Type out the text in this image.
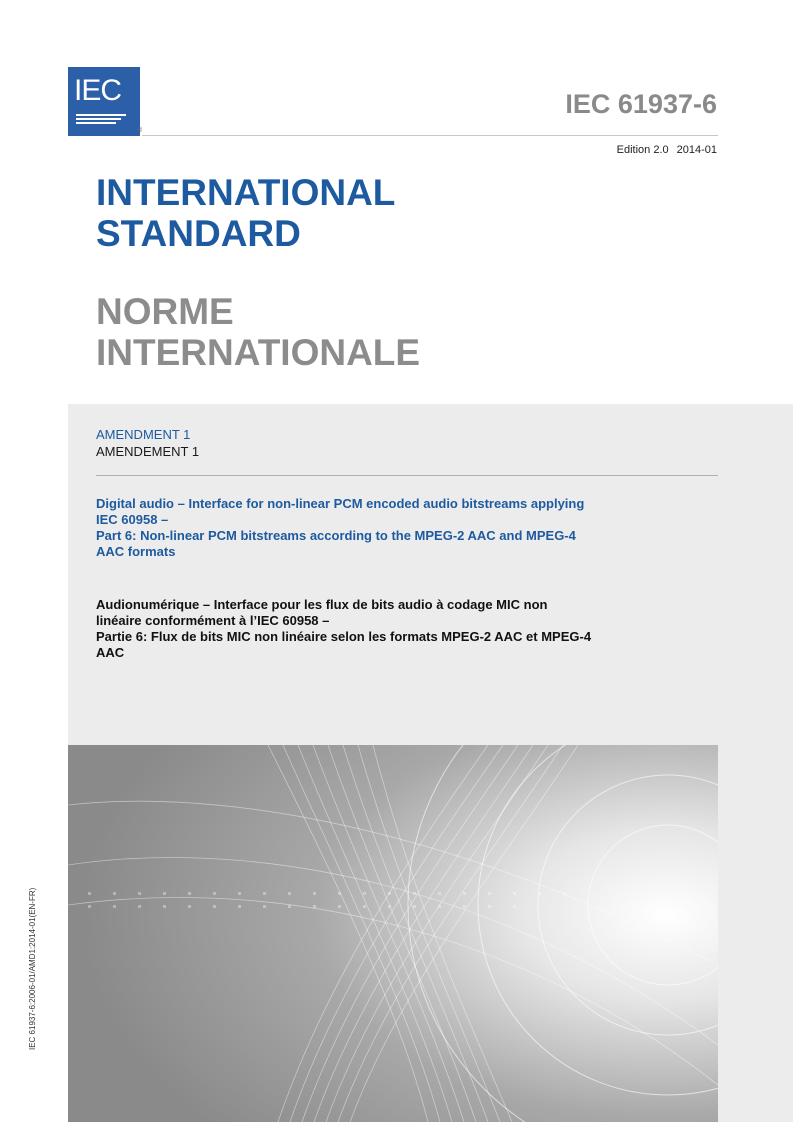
IEC
®
IEC 61937-6
Edition 2.0 2014-01
INTERNATIONAL
STANDARD
NORME
INTERNATIONALE
AMENDMENT 1
AMENDEMENT 1
Digital audio – Interface for non-linear PCM encoded audio bitstreams applying
IEC 60958 –
Part 6: Non-linear PCM bitstreams according to the MPEG-2 AAC and MPEG-4
AAC formats
Audionumérique – Interface pour les flux de bits audio à codage MIC non
linéaire conformément à l’IEC 60958 –
Partie 6: Flux de bits MIC non linéaire selon les formats MPEG-2 AAC et MPEG-4
AAC
IEC 61937-6:2006-01/AMD1:2014-01(EN-FR)
